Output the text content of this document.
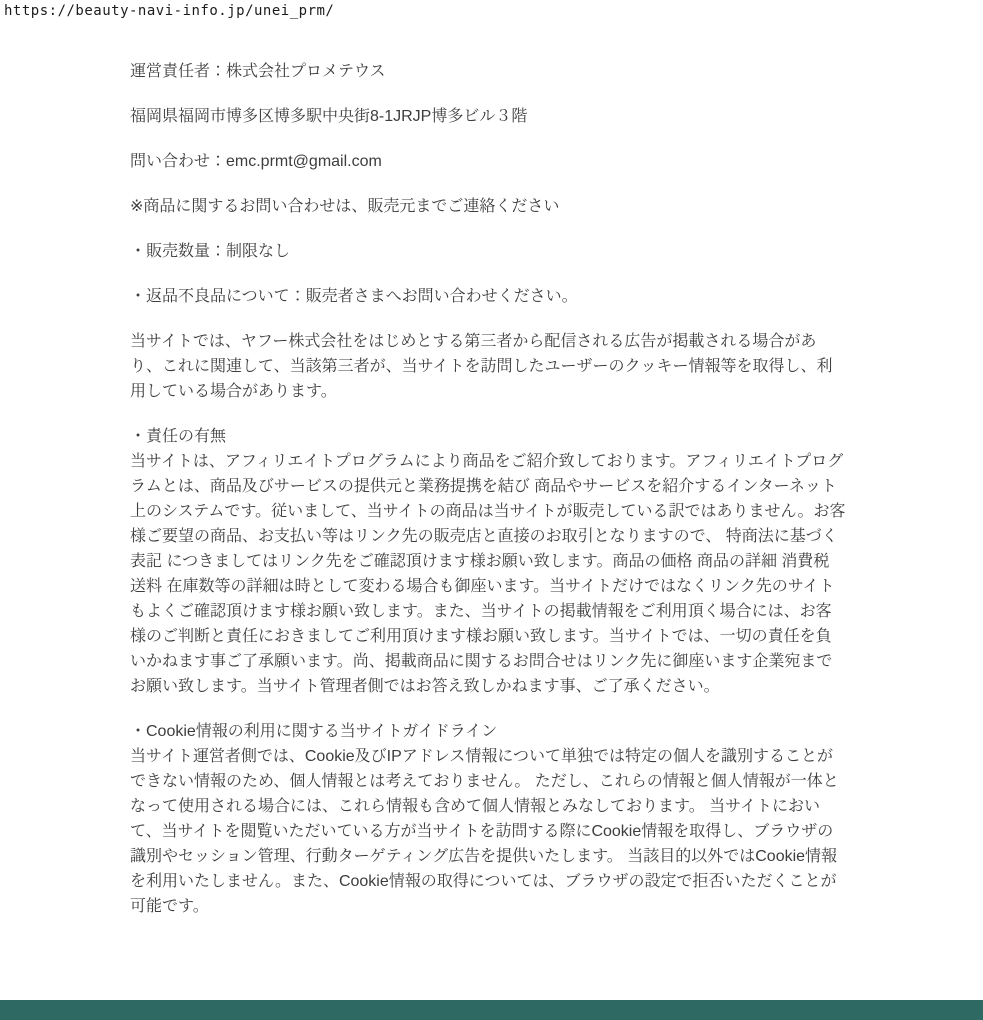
https://beauty-navi-info.jp/unei_prm/

運営責任者：株式会社プロメテウス

福岡県福岡市博多区博多駅中央街8-1JRJP博多ビル３階

問い合わせ：emc.prmt@gmail.com

※商品に関するお問い合わせは、販売元までご連絡ください

・販売数量：制限なし

・返品不良品について：販売者さまへお問い合わせください。

当サイトでは、ヤフー株式会社をはじめとする第三者から配信される広告が掲載される場合があり、これに関連して、当該第三者が、当サイトを訪問したユーザーのクッキー情報等を取得し、利用している場合があります。

・責任の有無
当サイトは、アフィリエイトプログラムにより商品をご紹介致しております。アフィリエイトプログラムとは、商品及びサービスの提供元と業務提携を結び 商品やサービスを紹介するインターネット上のシステムです。従いまして、当サイトの商品は当サイトが販売している訳ではありません。お客様ご要望の商品、お支払い等はリンク先の販売店と直接のお取引となりますので、 特商法に基づく表記 につきましてはリンク先をご確認頂けます様お願い致します。商品の価格 商品の詳細 消費税 送料 在庫数等の詳細は時として変わる場合も御座います。当サイトだけではなくリンク先のサイトもよくご確認頂けます様お願い致します。また、当サイトの掲載情報をご利用頂く場合には、お客様のご判断と責任におきましてご利用頂けます様お願い致します。当サイトでは、一切の責任を負いかねます事ご了承願います。尚、掲載商品に関するお問合せはリンク先に御座います企業宛までお願い致します。当サイト管理者側ではお答え致しかねます事、ご了承ください。

・Cookie情報の利用に関する当サイトガイドライン
当サイト運営者側では、Cookie及びIPアドレス情報について単独では特定の個人を識別することができない情報のため、個人情報とは考えておりません。 ただし、これらの情報と個人情報が一体となって使用される場合には、これら情報も含めて個人情報とみなしております。 当サイトにおいて、当サイトを閲覧いただいている方が当サイトを訪問する際にCookie情報を取得し、ブラウザの識別やセッション管理、行動ターゲティング広告を提供いたします。 当該目的以外ではCookie情報を利用いたしません。また、Cookie情報の取得については、ブラウザの設定で拒否いただくことが可能です。
